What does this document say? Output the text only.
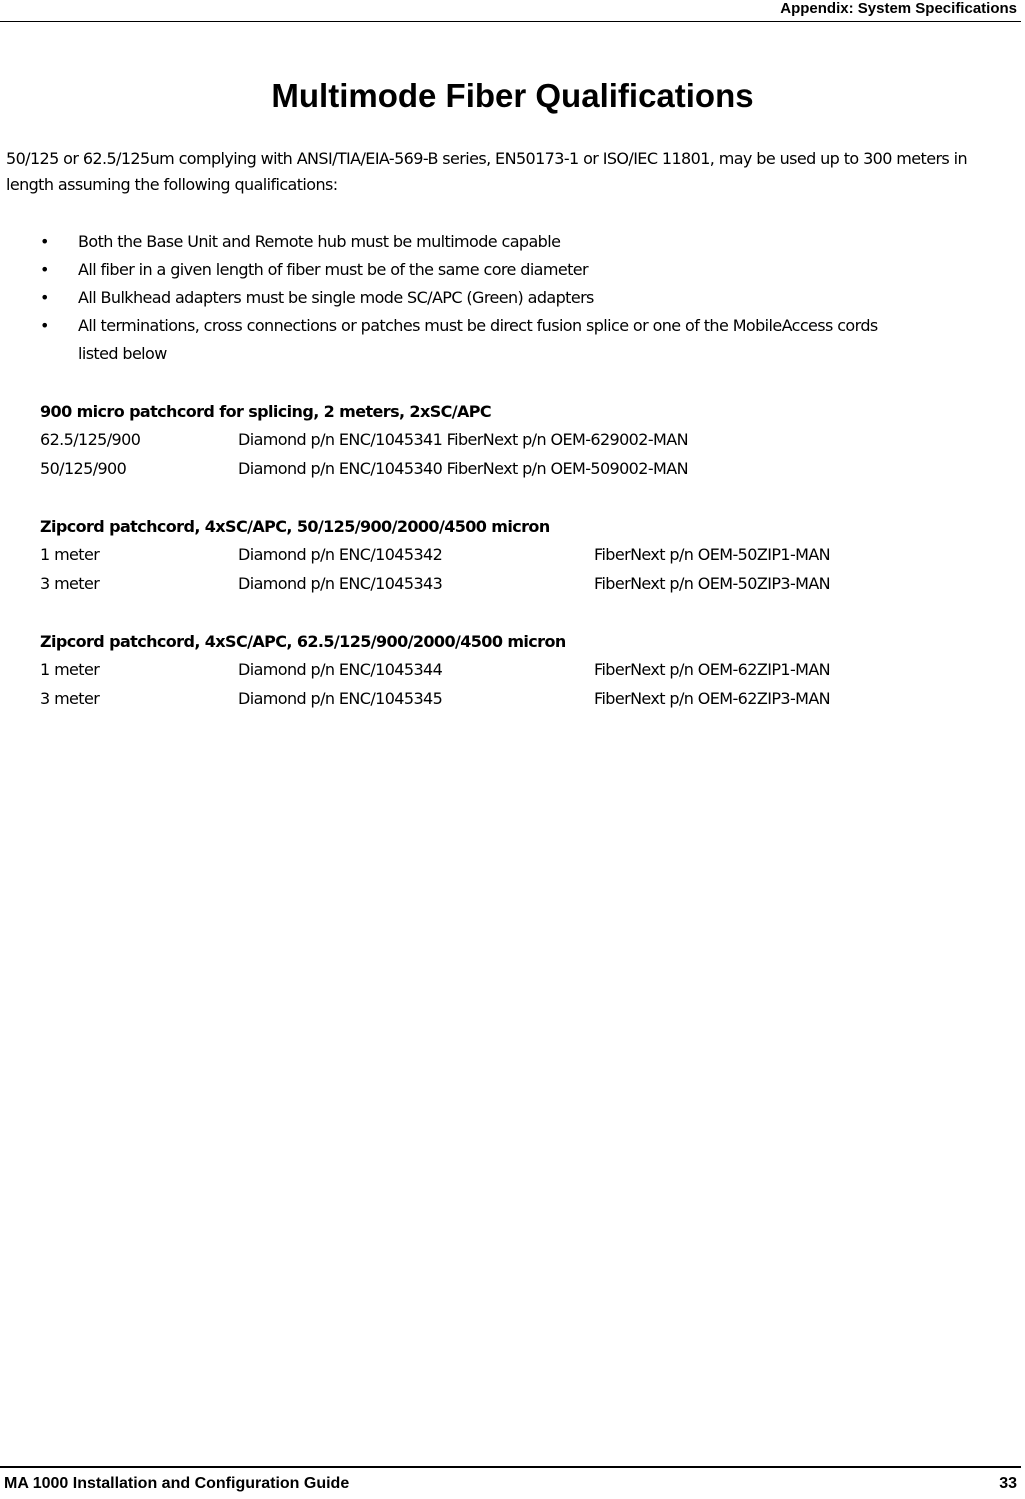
Appendix: System Specifications
Multimode Fiber Qualifications

50/125 or 62.5/125um complying with ANSI/TIA/EIA-569-B series, EN50173-1 or ISO/IEC 11801, may be used up to 300 meters in length assuming the following qualifications:

• Both the Base Unit and Remote hub must be multimode capable
• All fiber in a given length of fiber must be of the same core diameter
• All Bulkhead adapters must be single mode SC/APC (Green) adapters
• All terminations, cross connections or patches must be direct fusion splice or one of the MobileAccess cords listed below
900 micro patchcord for splicing, 2 meters, 2xSC/APC
62.5/125/900	Diamond p/n ENC/1045341 FiberNext p/n OEM-629002-MAN
50/125/900	Diamond p/n ENC/1045340 FiberNext p/n OEM-509002-MAN
Zipcord patchcord, 4xSC/APC, 50/125/900/2000/4500 micron
1 meter	Diamond p/n ENC/1045342	FiberNext p/n OEM-50ZIP1-MAN
3 meter	Diamond p/n ENC/1045343	FiberNext p/n OEM-50ZIP3-MAN
Zipcord patchcord, 4xSC/APC, 62.5/125/900/2000/4500 micron
1 meter	Diamond p/n ENC/1045344	FiberNext p/n OEM-62ZIP1-MAN
3 meter	Diamond p/n ENC/1045345	FiberNext p/n OEM-62ZIP3-MAN
MA 1000 Installation and Configuration Guide	33
